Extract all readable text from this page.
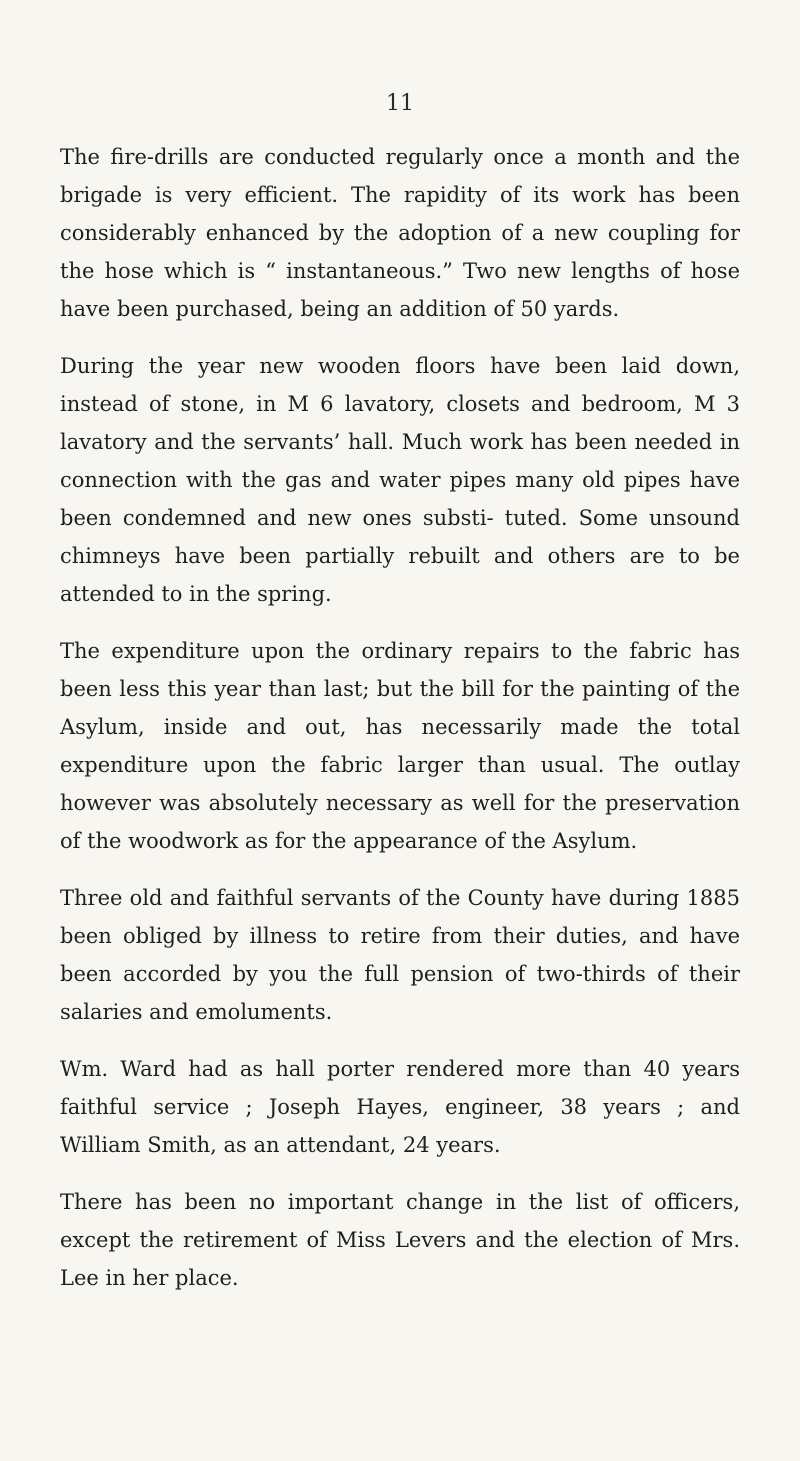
11

The fire-drills are conducted regularly once a month and the brigade is very efficient. The rapidity of its work has been considerably enhanced by the adoption of a new coupling for the hose which is “ instantaneous.” Two new lengths of hose have been purchased, being an addition of 50 yards.

During the year new wooden floors have been laid down, instead of stone, in M 6 lavatory, closets and bedroom, M 3 lavatory and the servants’ hall. Much work has been needed in connection with the gas and water pipes many old pipes have been condemned and new ones substi- tuted. Some unsound chimneys have been partially rebuilt and others are to be attended to in the spring.

The expenditure upon the ordinary repairs to the fabric has been less this year than last; but the bill for the painting of the Asylum, inside and out, has necessarily made the total expenditure upon the fabric larger than usual. The outlay however was absolutely necessary as well for the preservation of the woodwork as for the appearance of the Asylum.

Three old and faithful servants of the County have during 1885 been obliged by illness to retire from their duties, and have been accorded by you the full pension of two-thirds of their salaries and emoluments.

Wm. Ward had as hall porter rendered more than 40 years faithful service ; Joseph Hayes, engineer, 38 years ; and William Smith, as an attendant, 24 years.

There has been no important change in the list of officers, except the retirement of Miss Levers and the election of Mrs. Lee in her place.
